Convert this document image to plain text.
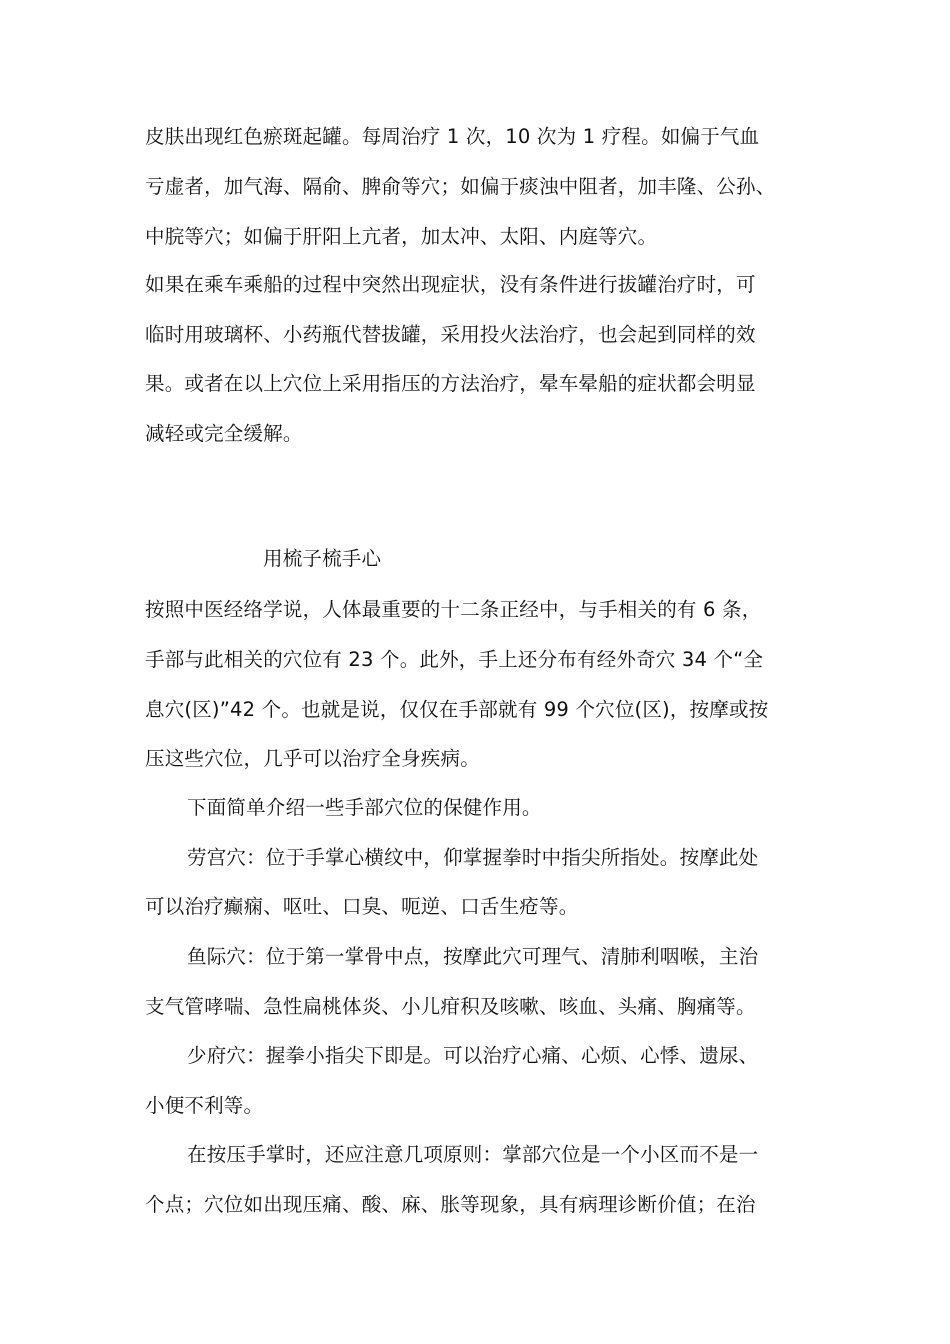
皮肤出现红色瘀斑起罐。每周治疗 1 次，10 次为 1 疗程。如偏于气血
亏虚者，加气海、隔俞、脾俞等穴；如偏于痰浊中阻者，加丰隆、公孙、
中脘等穴；如偏于肝阳上亢者，加太冲、太阳、内庭等穴。
如果在乘车乘船的过程中突然出现症状，没有条件进行拔罐治疗时，可
临时用玻璃杯、小药瓶代替拔罐，采用投火法治疗，也会起到同样的效
果。或者在以上穴位上采用指压的方法治疗，晕车晕船的症状都会明显
减轻或完全缓解。
用梳子梳手心
按照中医经络学说，人体最重要的十二条正经中，与手相关的有 6 条，
手部与此相关的穴位有 23 个。此外，手上还分布有经外奇穴 34 个“全
息穴(区)”42 个。也就是说，仅仅在手部就有 99 个穴位(区)，按摩或按
压这些穴位，几乎可以治疗全身疾病。
下面简单介绍一些手部穴位的保健作用。
劳宫穴：位于手掌心横纹中，仰掌握拳时中指尖所指处。按摩此处
可以治疗癫痫、呕吐、口臭、呃逆、口舌生疮等。
鱼际穴：位于第一掌骨中点，按摩此穴可理气、清肺利咽喉，主治
支气管哮喘、急性扁桃体炎、小儿疳积及咳嗽、咳血、头痛、胸痛等。
少府穴：握拳小指尖下即是。可以治疗心痛、心烦、心悸、遗尿、
小便不利等。
在按压手掌时，还应注意几项原则：掌部穴位是一个小区而不是一
个点；穴位如出现压痛、酸、麻、胀等现象，具有病理诊断价值；在治
